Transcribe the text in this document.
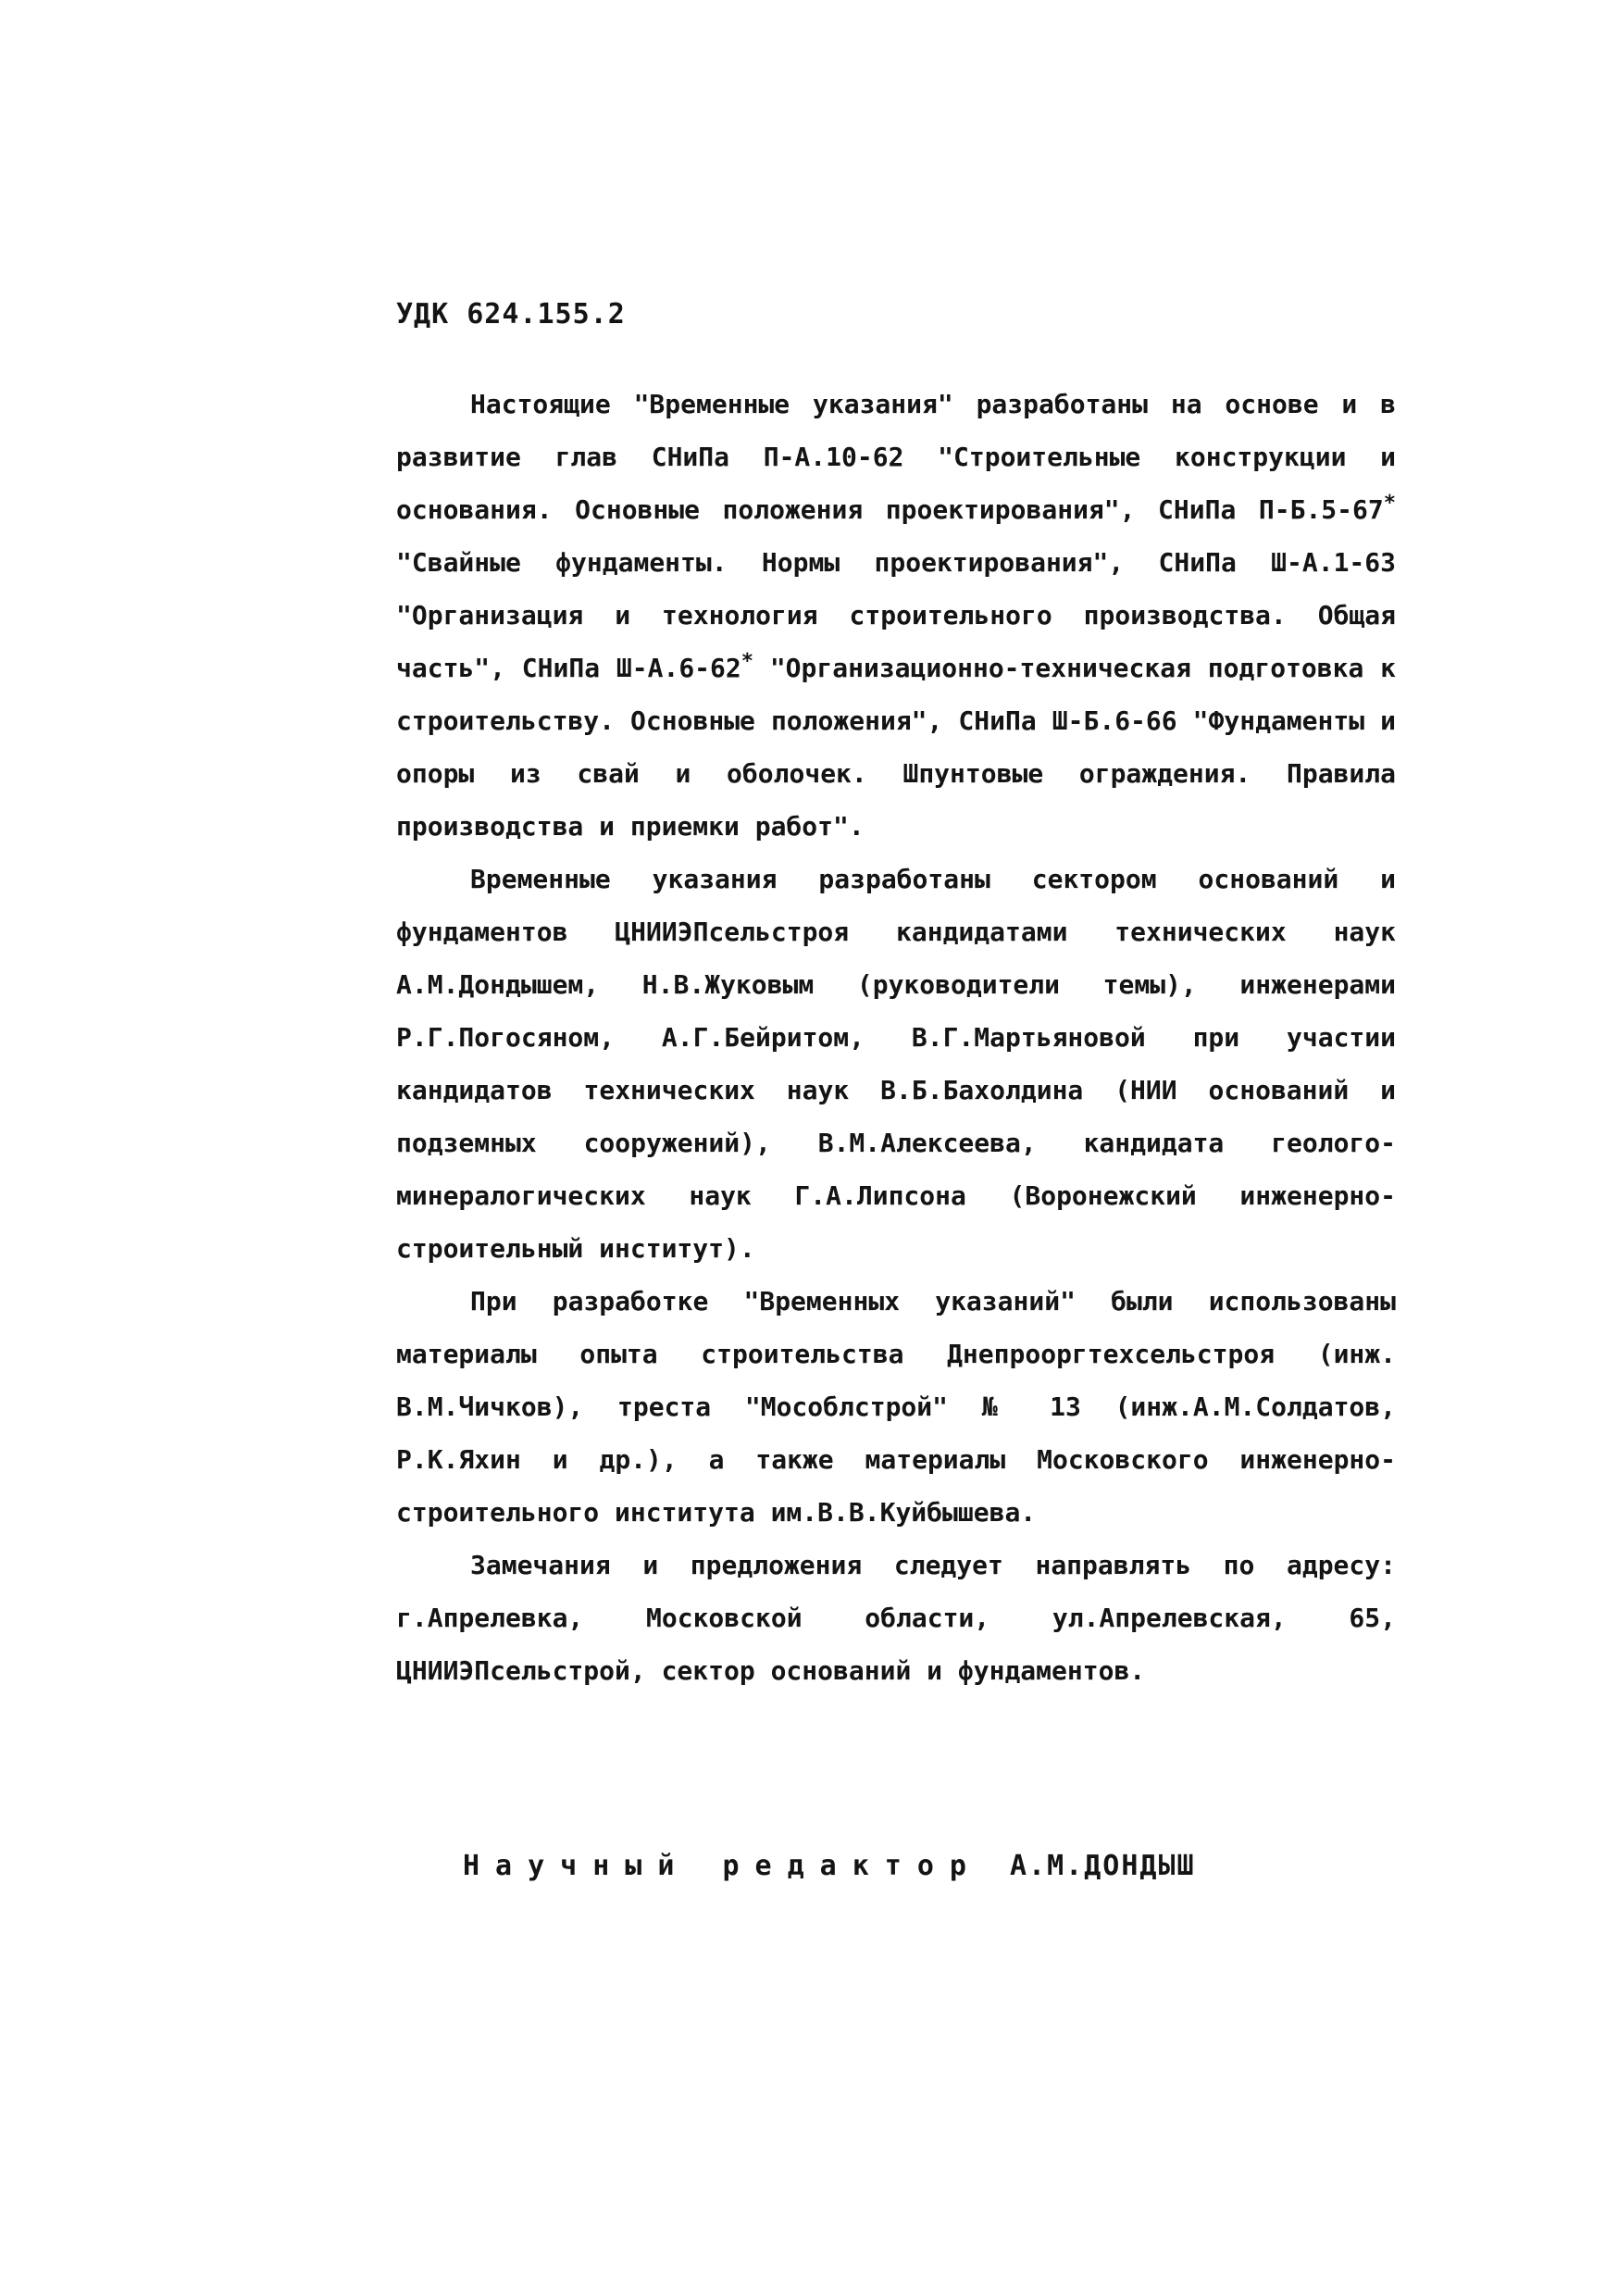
УДК 624.155.2

Настоящие "Временные указания" разработаны на основе и в развитие глав СНиПа П-А.10-62 "Строительные конструкции и основания. Основные положения проектирования", СНиПа П-Б.5-67* "Свайные фундаменты. Нормы проектирования", СНиПа Ш-А.1-63 "Организация и технология строительного производства. Общая часть", СНиПа Ш-А.6-62* "Организационно-техническая подготовка к строительству. Основные положения", СНиПа Ш-Б.6-66 "Фундаменты и опоры из свай и оболочек. Шпунтовые ограждения. Правила производства и приемки работ".

Временные указания разработаны сектором оснований и фундаментов ЦНИИЭПсельстроя кандидатами технических наук А.М.Дондышем, Н.В.Жуковым (руководители темы), инженерами Р.Г.Погосяном, А.Г.Бейритом, В.Г.Мартьяновой при участии кандидатов технических наук В.Б.Бахолдина (НИИ оснований и подземных сооружений), В.М.Алексеева, кандидата геолого-минералогических наук Г.А.Липсона (Воронежский инженерно-строительный институт).

При разработке "Временных указаний" были использованы материалы опыта строительства Днепрооргтехсельстроя (инж. В.М.Чичков), треста "Мособлстрой" № 13 (инж.А.М.Солдатов, Р.К.Яхин и др.), а также материалы Московского инженерно-строительного института им.В.В.Куйбышева.

Замечания и предложения следует направлять по адресу: г.Апрелевка, Московской области, ул.Апрелевская, 65, ЦНИИЭПсельстрой, сектор оснований и фундаментов.

Научный редактор А.М.ДОНДЫШ
